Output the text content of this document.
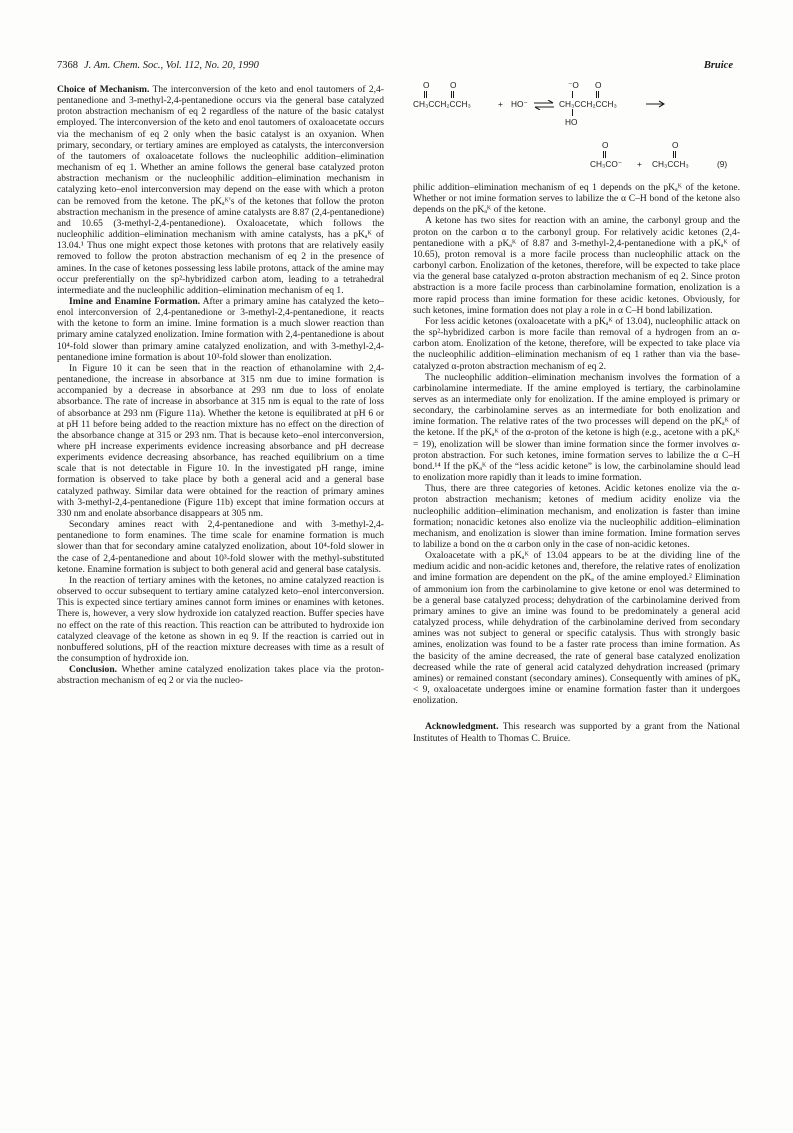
7368 J. Am. Chem. Soc., Vol. 112, No. 20, 1990	Bruice

Choice of Mechanism. The interconversion of the keto and enol tautomers of 2,4-pentanedione and 3-methyl-2,4-pentanedione occurs via the general base catalyzed proton abstraction mechanism of eq 2 regardless of the nature of the basic catalyst employed. The interconversion of the keto and enol tautomers of oxaloacetate occurs via the mechanism of eq 2 only when the basic catalyst is an oxyanion. When primary, secondary, or tertiary amines are employed as catalysts, the interconversion of the tautomers of oxaloacetate follows the nucleophilic addition–elimination mechanism of eq 1. Whether an amine follows the general base catalyzed proton abstraction mechanism or the nucleophilic addition–elimination mechanism in catalyzing keto–enol interconversion may depend on the ease with which a proton can be removed from the ketone. The pKₐᴷ's of the ketones that follow the proton abstraction mechanism in the presence of amine catalysts are 8.87 (2,4-pentanedione) and 10.65 (3-methyl-2,4-pentanedione). Oxaloacetate, which follows the nucleophilic addition–elimination mechanism with amine catalysts, has a pKₐᴷ of 13.04.¹ Thus one might expect those ketones with protons that are relatively easily removed to follow the proton abstraction mechanism of eq 2 in the presence of amines. In the case of ketones possessing less labile protons, attack of the amine may occur preferentially on the sp²-hybridized carbon atom, leading to a tetrahedral intermediate and the nucleophilic addition–elimination mechanism of eq 1.

Imine and Enamine Formation. After a primary amine has catalyzed the keto–enol interconversion of 2,4-pentanedione or 3-methyl-2,4-pentanedione, it reacts with the ketone to form an imine. Imine formation is a much slower reaction than primary amine catalyzed enolization. Imine formation with 2,4-pentanedione is about 10⁴-fold slower than primary amine catalyzed enolization, and with 3-methyl-2,4-pentanedione imine formation is about 10³-fold slower than enolization.

In Figure 10 it can be seen that in the reaction of ethanolamine with 2,4-pentanedione, the increase in absorbance at 315 nm due to imine formation is accompanied by a decrease in absorbance at 293 nm due to loss of enolate absorbance. The rate of increase in absorbance at 315 nm is equal to the rate of loss of absorbance at 293 nm (Figure 11a). Whether the ketone is equilibrated at pH 6 or at pH 11 before being added to the reaction mixture has no effect on the direction of the absorbance change at 315 or 293 nm. That is because keto–enol interconversion, where pH increase experiments evidence increasing absorbance and pH decrease experiments evidence decreasing absorbance, has reached equilibrium on a time scale that is not detectable in Figure 10. In the investigated pH range, imine formation is observed to take place by both a general acid and a general base catalyzed pathway. Similar data were obtained for the reaction of primary amines with 3-methyl-2,4-pentanedione (Figure 11b) except that imine formation occurs at 330 nm and enolate absorbance disappears at 305 nm.

Secondary amines react with 2,4-pentanedione and with 3-methyl-2,4-pentanedione to form enamines. The time scale for enamine formation is much slower than that for secondary amine catalyzed enolization, about 10⁴-fold slower in the case of 2,4-pentanedione and about 10³-fold slower with the methyl-substituted ketone. Enamine formation is subject to both general acid and general base catalysis.

In the reaction of tertiary amines with the ketones, no amine catalyzed reaction is observed to occur subsequent to tertiary amine catalyzed keto–enol interconversion. This is expected since tertiary amines cannot form imines or enamines with ketones. There is, however, a very slow hydroxide ion catalyzed reaction. Buffer species have no effect on the rate of this reaction. This reaction can be attributed to hydroxide ion catalyzed cleavage of the ketone as shown in eq 9. If the reaction is carried out in nonbuffered solutions, pH of the reaction mixture decreases with time as a result of the consumption of hydroxide ion.

Conclusion. Whether amine catalyzed enolization takes place via the proton-abstraction mechanism of eq 2 or via the nucleo-

O O
CH₃CCH₂CCH₃	+ HO⁻ ⇌
⁻O O
CH₃CCH₂CCH₃
HO
O	O
CH₃CO⁻ + CH₃CCH₃	(9)

philic addition–elimination mechanism of eq 1 depends on the pKₐᴷ of the ketone. Whether or not imine formation serves to labilize the α C–H bond of the ketone also depends on the pKₐᴷ of the ketone.

A ketone has two sites for reaction with an amine, the carbonyl group and the proton on the carbon α to the carbonyl group. For relatively acidic ketones (2,4-pentanedione with a pKₐᴷ of 8.87 and 3-methyl-2,4-pentanedione with a pKₐᴷ of 10.65), proton removal is a more facile process than nucleophilic attack on the carbonyl carbon. Enolization of the ketones, therefore, will be expected to take place via the general base catalyzed α-proton abstraction mechanism of eq 2. Since proton abstraction is a more facile process than carbinolamine formation, enolization is a more rapid process than imine formation for these acidic ketones. Obviously, for such ketones, imine formation does not play a role in α C–H bond labilization.

For less acidic ketones (oxaloacetate with a pKₐᴷ of 13.04), nucleophilic attack on the sp²-hybridized carbon is more facile than removal of a hydrogen from an α-carbon atom. Enolization of the ketone, therefore, will be expected to take place via the nucleophilic addition–elimination mechanism of eq 1 rather than via the base-catalyzed α-proton abstraction mechanism of eq 2.

The nucleophilic addition–elimination mechanism involves the formation of a carbinolamine intermediate. If the amine employed is tertiary, the carbinolamine serves as an intermediate only for enolization. If the amine employed is primary or secondary, the carbinolamine serves as an intermediate for both enolization and imine formation. The relative rates of the two processes will depend on the pKₐᴷ of the ketone. If the pKₐᴷ of the α-proton of the ketone is high (e.g., acetone with a pKₐᴷ = 19), enolization will be slower than imine formation since the former involves α-proton abstraction. For such ketones, imine formation serves to labilize the α C–H bond.¹⁴ If the pKₐᴷ of the “less acidic ketone” is low, the carbinolamine should lead to enolization more rapidly than it leads to imine formation.

Thus, there are three categories of ketones. Acidic ketones enolize via the α-proton abstraction mechanism; ketones of medium acidity enolize via the nucleophilic addition–elimination mechanism, and enolization is faster than imine formation; nonacidic ketones also enolize via the nucleophilic addition–elimination mechanism, and enolization is slower than imine formation. Imine formation serves to labilize a bond on the α carbon only in the case of non-acidic ketones.

Oxaloacetate with a pKₐᴷ of 13.04 appears to be at the dividing line of the medium acidic and non-acidic ketones and, therefore, the relative rates of enolization and imine formation are dependent on the pKₐ of the amine employed.² Elimination of ammonium ion from the carbinolamine to give ketone or enol was determined to be a general base catalyzed process; dehydration of the carbinolamine derived from primary amines to give an imine was found to be predominately a general acid catalyzed process, while dehydration of the carbinolamine derived from secondary amines was not subject to general or specific catalysis. Thus with strongly basic amines, enolization was found to be a faster rate process than imine formation. As the basicity of the amine decreased, the rate of general base catalyzed enolization decreased while the rate of general acid catalyzed dehydration increased (primary amines) or remained constant (secondary amines). Consequently with amines of pKₐ < 9, oxaloacetate undergoes imine or enamine formation faster than it undergoes enolization.

Acknowledgment. This research was supported by a grant from the National Institutes of Health to Thomas C. Bruice.
